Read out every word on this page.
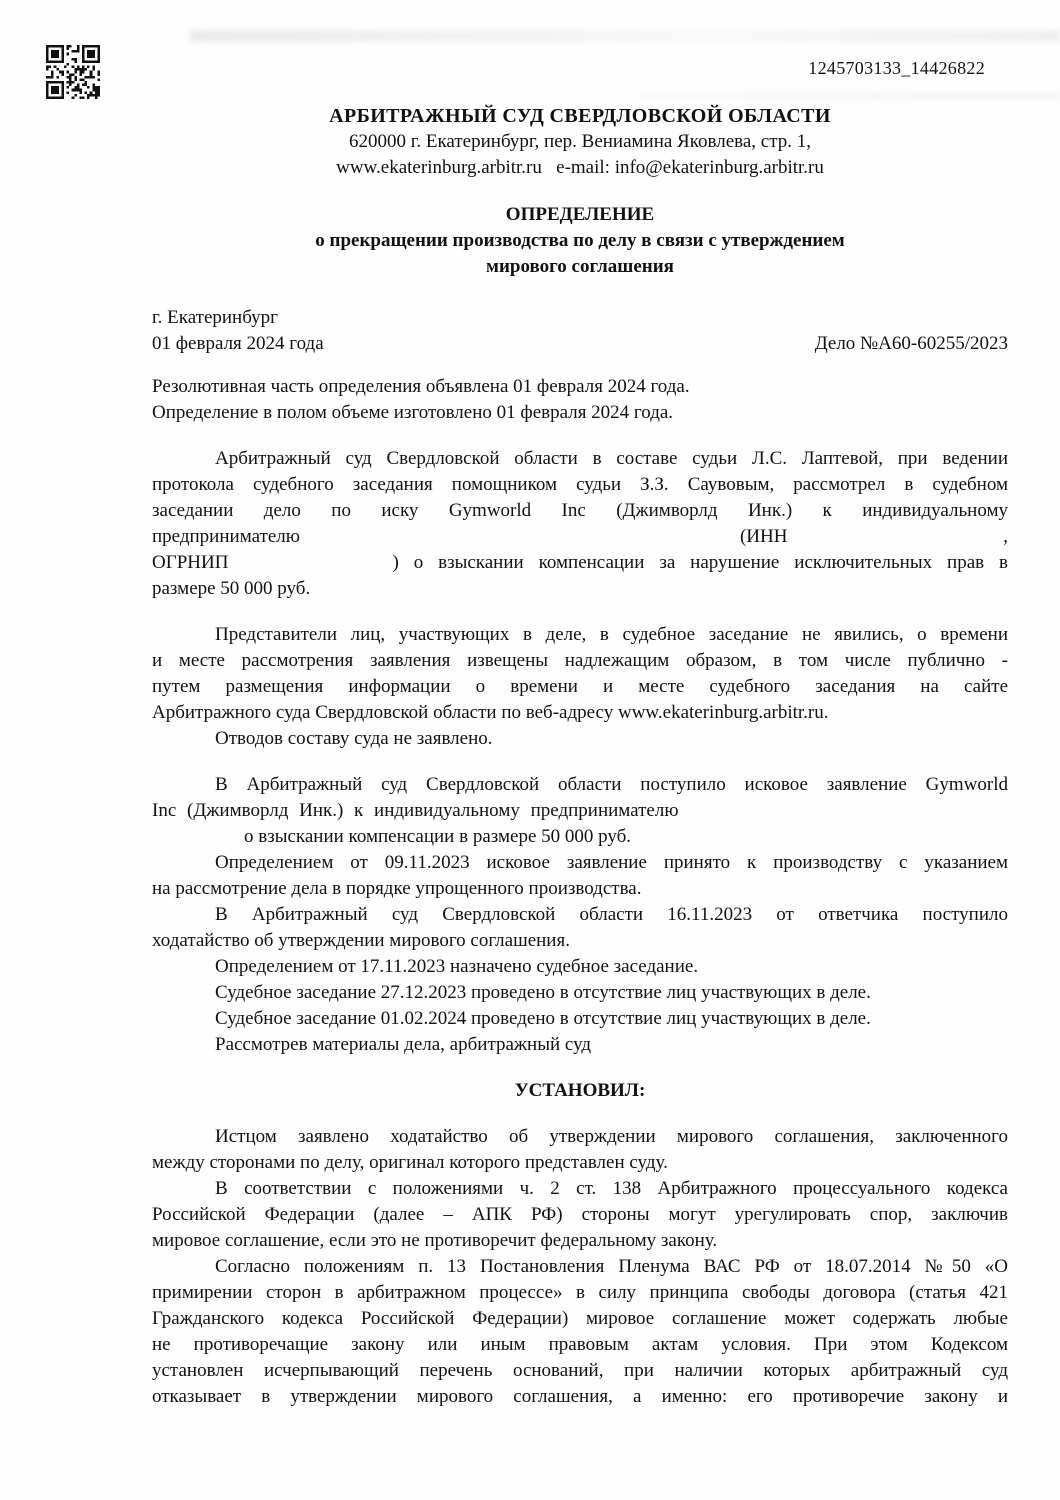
1245703133_14426822
АРБИТРАЖНЫЙ СУД СВЕРДЛОВСКОЙ ОБЛАСТИ
620000 г. Екатеринбург, пер. Вениамина Яковлева, стр. 1,
www.ekaterinburg.arbitr.ru   e-mail: info@ekaterinburg.arbitr.ru
ОПРЕДЕЛЕНИЕ
о прекращении производства по делу в связи с утверждением
мирового соглашения
г. Екатеринбург
01 февраля 2024 года	Дело №А60-60255/2023
Резолютивная часть определения объявлена 01 февраля 2024 года.
Определение в полом объеме изготовлено 01 февраля 2024 года.
Арбитражный суд Свердловской области в составе судьи Л.С. Лаптевой, при ведении
протокола судебного заседания помощником судьи З.З. Саувовым, рассмотрел в судебном
заседании дело по иску Gymworld Inc (Джимворлд Инк.) к индивидуальному
предпринимателю	(ИНН	,
ОГРНИП	) о взыскании компенсации за нарушение исключительных прав в
размере 50 000 руб.
Представители лиц, участвующих в деле, в судебное заседание не явились, о времени
и месте рассмотрения заявления извещены надлежащим образом, в том числе публично -
путем размещения информации о времени и месте судебного заседания на сайте
Арбитражного суда Свердловской области по веб-адресу www.ekaterinburg.arbitr.ru.
Отводов составу суда не заявлено.
В Арбитражный суд Свердловской области поступило исковое заявление Gymworld
Inc (Джимворлд Инк.) к индивидуальному предпринимателю
о взыскании компенсации в размере 50 000 руб.
Определением от 09.11.2023 исковое заявление принято к производству с указанием
на рассмотрение дела в порядке упрощенного производства.
В Арбитражный суд Свердловской области 16.11.2023 от ответчика поступило
ходатайство об утверждении мирового соглашения.
Определением от 17.11.2023 назначено судебное заседание.
Судебное заседание 27.12.2023 проведено в отсутствие лиц участвующих в деле.
Судебное заседание 01.02.2024 проведено в отсутствие лиц участвующих в деле.
Рассмотрев материалы дела, арбитражный суд
УСТАНОВИЛ:
Истцом заявлено ходатайство об утверждении мирового соглашения, заключенного
между сторонами по делу, оригинал которого представлен суду.
В соответствии с положениями ч. 2 ст. 138 Арбитражного процессуального кодекса
Российской Федерации (далее – АПК РФ) стороны могут урегулировать спор, заключив
мировое соглашение, если это не противоречит федеральному закону.
Согласно положениям п. 13 Постановления Пленума ВАС РФ от 18.07.2014 №50 «О
примирении сторон в арбитражном процессе» в силу принципа свободы договора (статья 421
Гражданского кодекса Российской Федерации) мировое соглашение может содержать любые
не противоречащие закону или иным правовым актам условия. При этом Кодексом
установлен исчерпывающий перечень оснований, при наличии которых арбитражный суд
отказывает в утверждении мирового соглашения, а именно: его противоречие закону и
